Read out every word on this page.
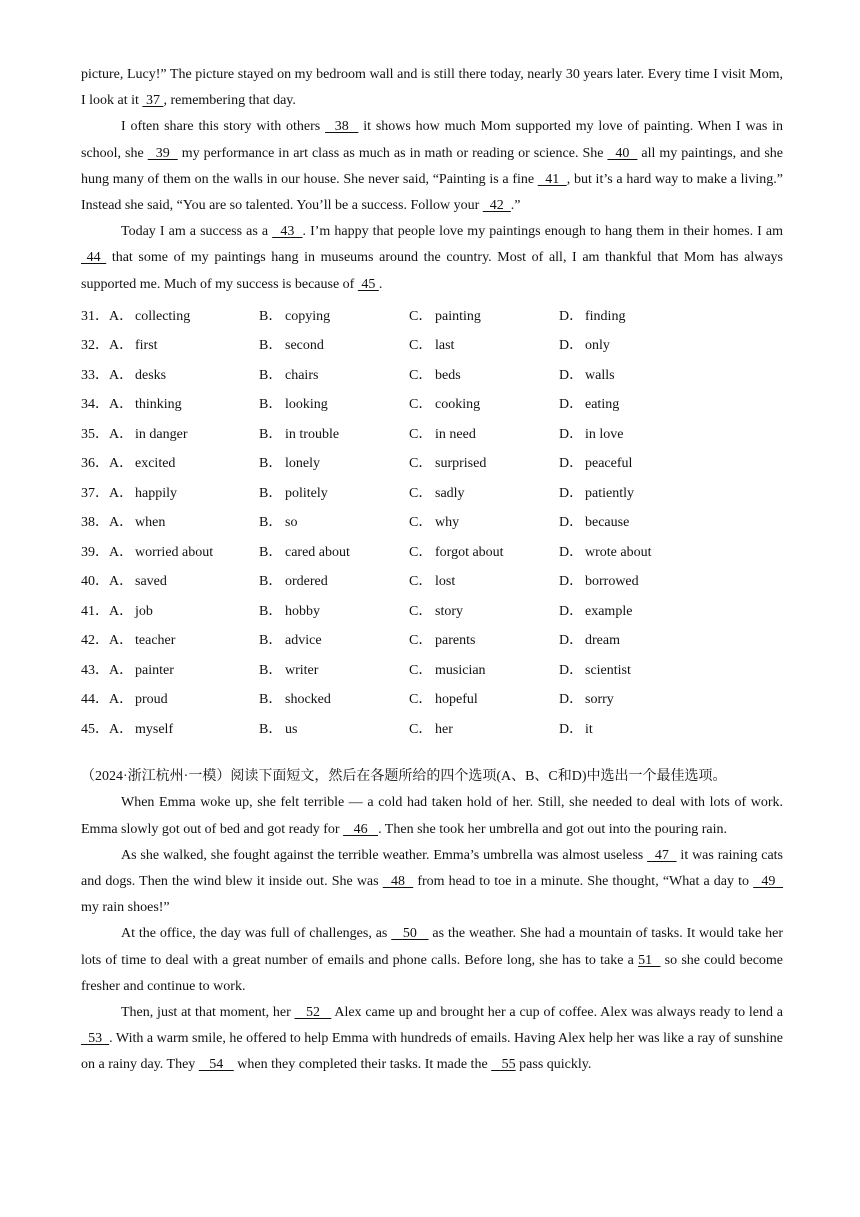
picture, Lucy!” The picture stayed on my bedroom wall and is still there today, nearly 30 years later. Every time I visit Mom, I look at it  37 , remembering that day.

I often share this story with others   38   it shows how much Mom supported my love of painting. When I was in school, she   39   my performance in art class as much as in math or reading or science. She   40   all my paintings, and she hung many of them on the walls in our house. She never said, “Painting is a fine   41  , but it’s a hard way to make a living.” Instead she said, “You are so talented. You’ll be a success. Follow your   42  .”

Today I am a success as a   43  . I’m happy that people love my paintings enough to hang them in their homes. I am  44  that some of my paintings hang in museums around the country. Most of all, I am thankful that Mom has always supported me. Much of my success is because of  45 .

31．	A． collecting	B． copying	C． painting	D． finding
32．	A． first	B． second	C． last	D． only
33．	A． desks	B． chairs	C． beds	D． walls
34．	A． thinking	B． looking	C． cooking	D． eating
35．	A． in danger	B． in trouble	C． in need	D． in love
36．	A． excited	B． lonely	C． surprised	D． peaceful
37．	A． happily	B． politely	C． sadly	D． patiently
38．	A． when	B． so	C． why	D． because
39．	A． worried about	B． cared about	C． forgot about	D． wrote about
40．	A． saved	B． ordered	C． lost	D． borrowed
41．	A． job	B． hobby	C． story	D． example
42．	A． teacher	B． advice	C． parents	D． dream
43．	A． painter	B． writer	C． musician	D． scientist
44．	A． proud	B． shocked	C． hopeful	D． sorry
45．	A． myself	B． us	C． her	D． it

（2024·浙江杭州·一模）阅读下面短文，然后在各题所给的四个选项(A、B、C和D)中选出一个最佳选项。

When Emma woke up, she felt terrible — a cold had taken hold of her. Still, she needed to deal with lots of work. Emma slowly got out of bed and got ready for    46   . Then she took her umbrella and got out into the pouring rain.

As she walked, she fought against the terrible weather. Emma’s umbrella was almost useless   47   it was raining cats and dogs. Then the wind blew it inside out. She was   48   from head to toe in a minute. She thought, “What a day to   49   my rain shoes!”

At the office, the day was full of challenges, as    50    as the weather. She had a mountain of tasks. It would take her lots of time to deal with a great number of emails and phone calls. Before long, she has to take a 51   so she could become fresher and continue to work.

Then, just at that moment, her    52    Alex came up and brought her a cup of coffee. Alex was always ready to lend a   53  . With a warm smile, he offered to help Emma with hundreds of emails. Having Alex help her was like a ray of sunshine on a rainy day. They    54    when they completed their tasks. It made the    55 pass quickly.
